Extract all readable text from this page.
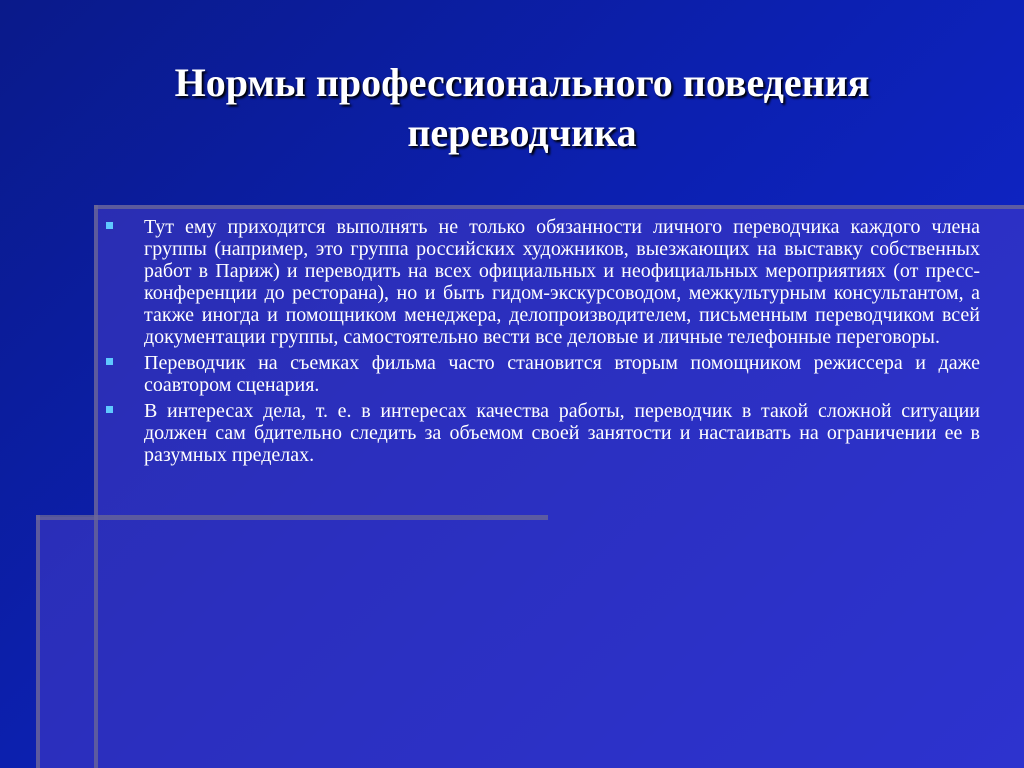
Нормы профессионального поведения переводчика
Тут ему приходится выполнять не только обязанности личного переводчика каждого члена группы (например, это группа российских художников, выезжающих на выставку собственных работ в Париж) и переводить на всех официальных и неофициальных мероприятиях (от пресс-конференции до ресторана), но и быть гидом-экскурсоводом, межкультурным консультантом, а также иногда и помощником менеджера, делопроизводителем, письменным переводчиком всей документации группы, самостоятельно вести все деловые и личные телефонные переговоры.
Переводчик на съемках фильма часто становится вторым помощником режиссера и даже соавтором сценария.
В интересах дела, т. е. в интересах качества работы, переводчик в такой сложной ситуации должен сам бдительно следить за объемом своей занятости и настаивать на ограничении ее в разумных пределах.
